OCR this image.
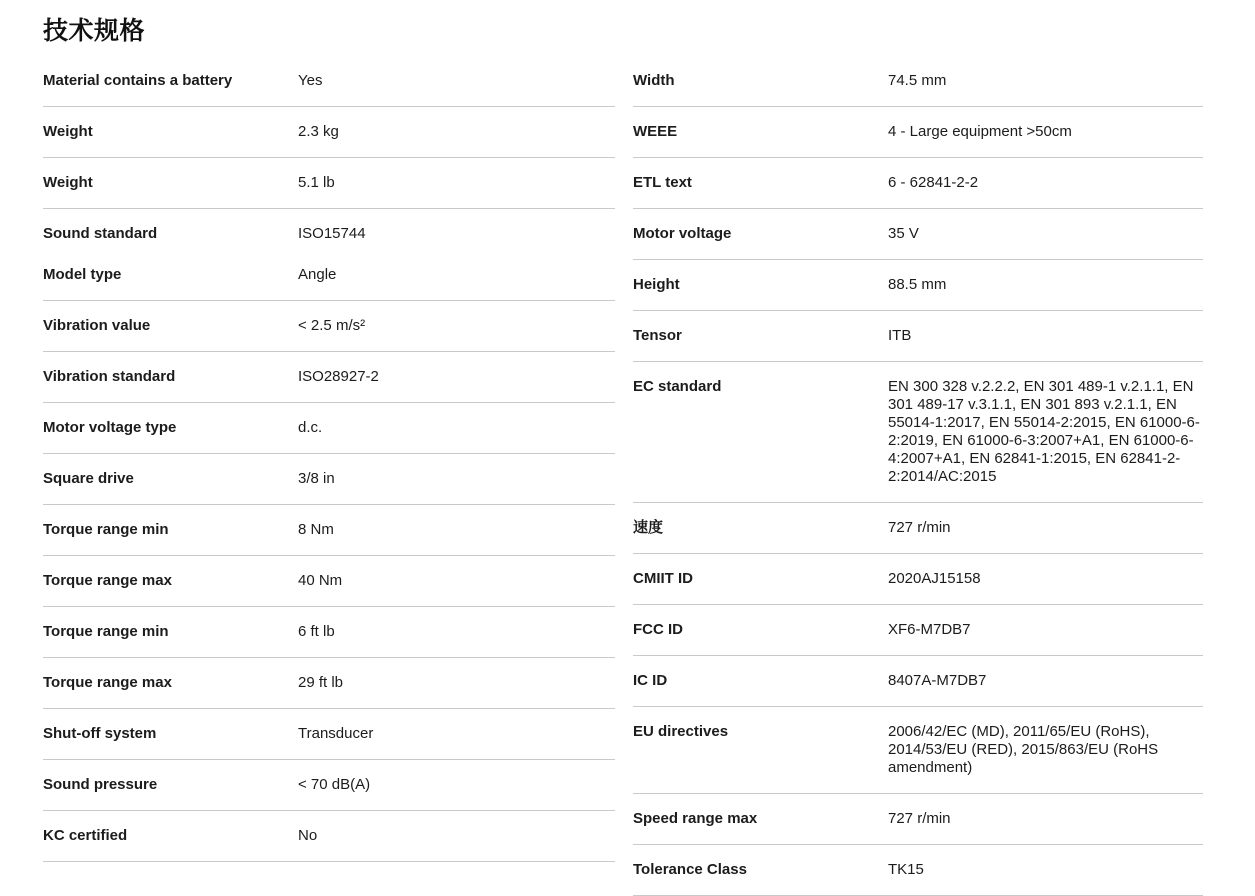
技术规格
Material contains a battery	Yes
Weight	2.3 kg
Weight	5.1 lb
Sound standard	ISO15744
Model type	Angle
Vibration value	< 2.5 m/s²
Vibration standard	ISO28927-2
Motor voltage type	d.c.
Square drive	3/8 in
Torque range min	8 Nm
Torque range max	40 Nm
Torque range min	6 ft lb
Torque range max	29 ft lb
Shut-off system	Transducer
Sound pressure	< 70 dB(A)
KC certified	No
Width	74.5 mm
WEEE	4 - Large equipment >50cm
ETL text	6 - 62841-2-2
Motor voltage	35 V
Height	88.5 mm
Tensor	ITB
EC standard	EN 300 328 v.2.2.2, EN 301 489-1 v.2.1.1, EN 301 489-17 v.3.1.1, EN 301 893 v.2.1.1, EN 55014-1:2017, EN 55014-2:2015, EN 61000-6-2:2019, EN 61000-6-3:2007+A1, EN 61000-6-4:2007+A1, EN 62841-1:2015, EN 62841-2-2:2014/AC:2015
速度	727 r/min
CMIIT ID	2020AJ15158
FCC ID	XF6-M7DB7
IC ID	8407A-M7DB7
EU directives	2006/42/EC (MD), 2011/65/EU (RoHS), 2014/53/EU (RED), 2015/863/EU (RoHS amendment)
Speed range max	727 r/min
Tolerance Class	TK15
